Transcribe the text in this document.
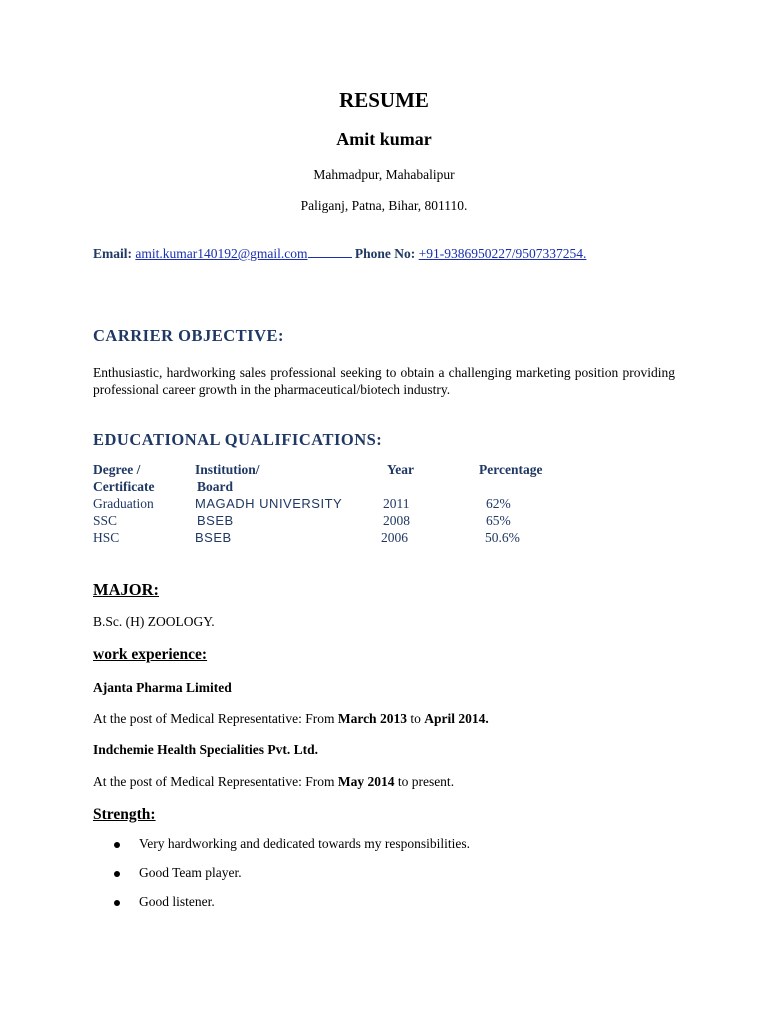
RESUME
Amit kumar
Mahmadpur, Mahabalipur
Paliganj, Patna, Bihar, 801110.
Email: amit.kumar140192@gmail.com	Phone No: +91-9386950227/9507337254.
CARRIER OBJECTIVE:
Enthusiastic, hardworking sales professional seeking to obtain a challenging marketing position providing professional career growth in the pharmaceutical/biotech industry.
EDUCATIONAL QUALIFICATIONS:
Degree /	Institution/	Year	Percentage
Certificate	Board
Graduation	MAGADH UNIVERSITY	2011	62%
SSC	BSEB	2008	65%
HSC	BSEB	2006	50.6%
MAJOR:
B.Sc. (H) ZOOLOGY.
work experience:
Ajanta Pharma Limited
At the post of Medical Representative: From March 2013 to April 2014.
Indchemie Health Specialities Pvt. Ltd.
At the post of Medical Representative: From May 2014 to present.
Strength:
Very hardworking and dedicated towards my responsibilities.
Good Team player.
Good listener.
